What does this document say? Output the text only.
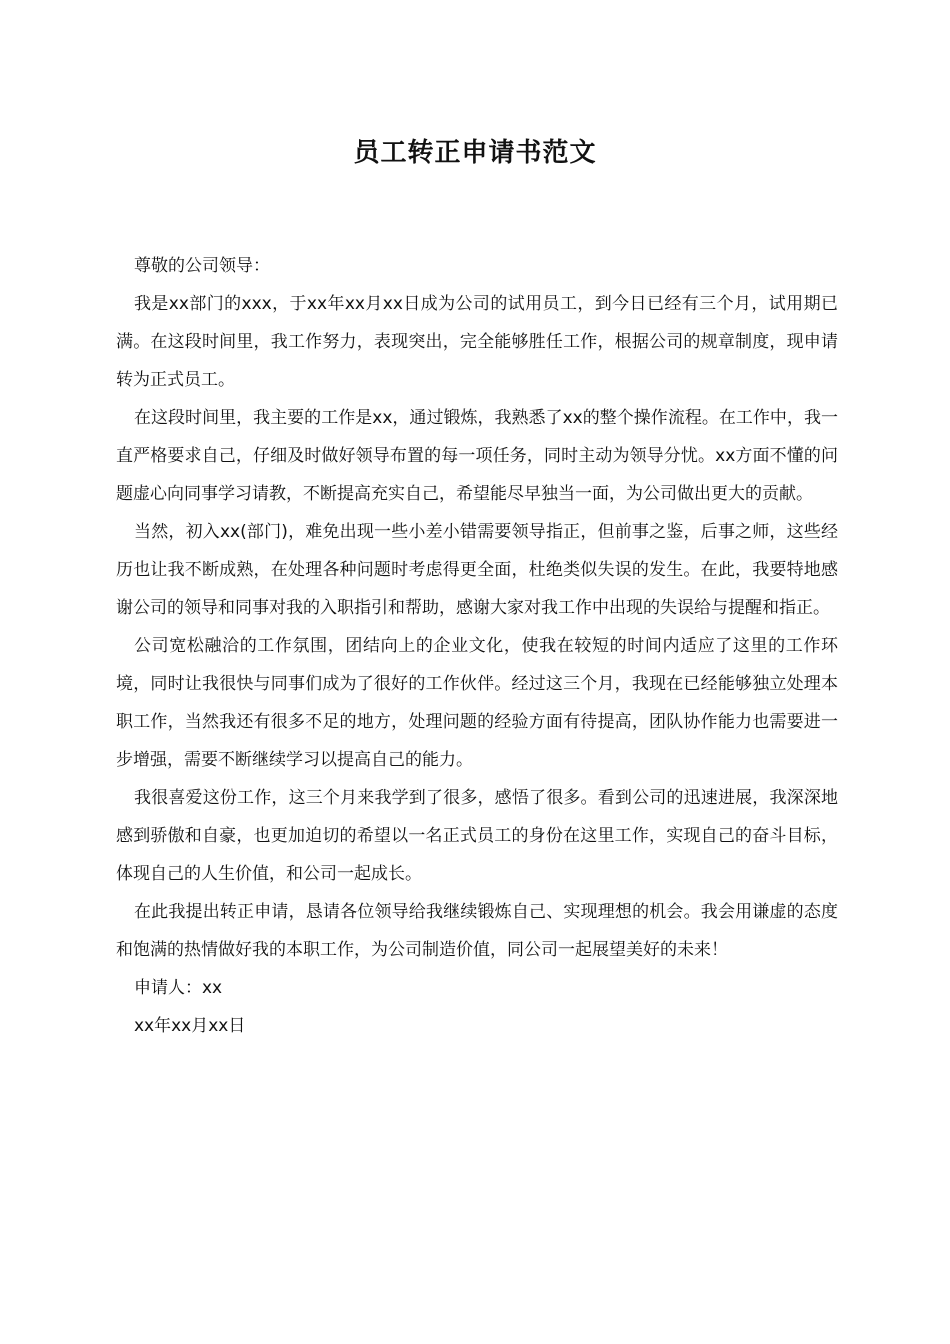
员工转正申请书范文

尊敬的公司领导：

我是xx部门的xxx，于xx年xx月xx日成为公司的试用员工，到今日已经有三个月，试用期已满。在这段时间里，我工作努力，表现突出，完全能够胜任工作，根据公司的规章制度，现申请转为正式员工。

在这段时间里，我主要的工作是xx，通过锻炼，我熟悉了xx的整个操作流程。在工作中，我一直严格要求自己，仔细及时做好领导布置的每一项任务，同时主动为领导分忧。xx方面不懂的问题虚心向同事学习请教，不断提高充实自己，希望能尽早独当一面，为公司做出更大的贡献。

当然，初入xx(部门)，难免出现一些小差小错需要领导指正，但前事之鉴，后事之师，这些经历也让我不断成熟，在处理各种问题时考虑得更全面，杜绝类似失误的发生。在此，我要特地感谢公司的领导和同事对我的入职指引和帮助，感谢大家对我工作中出现的失误给与提醒和指正。

公司宽松融洽的工作氛围，团结向上的企业文化，使我在较短的时间内适应了这里的工作环境，同时让我很快与同事们成为了很好的工作伙伴。经过这三个月，我现在已经能够独立处理本职工作，当然我还有很多不足的地方，处理问题的经验方面有待提高，团队协作能力也需要进一步增强，需要不断继续学习以提高自己的能力。

我很喜爱这份工作，这三个月来我学到了很多，感悟了很多。看到公司的迅速进展，我深深地感到骄傲和自豪，也更加迫切的希望以一名正式员工的身份在这里工作，实现自己的奋斗目标，体现自己的人生价值，和公司一起成长。

在此我提出转正申请，恳请各位领导给我继续锻炼自己、实现理想的机会。我会用谦虚的态度和饱满的热情做好我的本职工作，为公司制造价值，同公司一起展望美好的未来！

申请人：xx

xx年xx月xx日
